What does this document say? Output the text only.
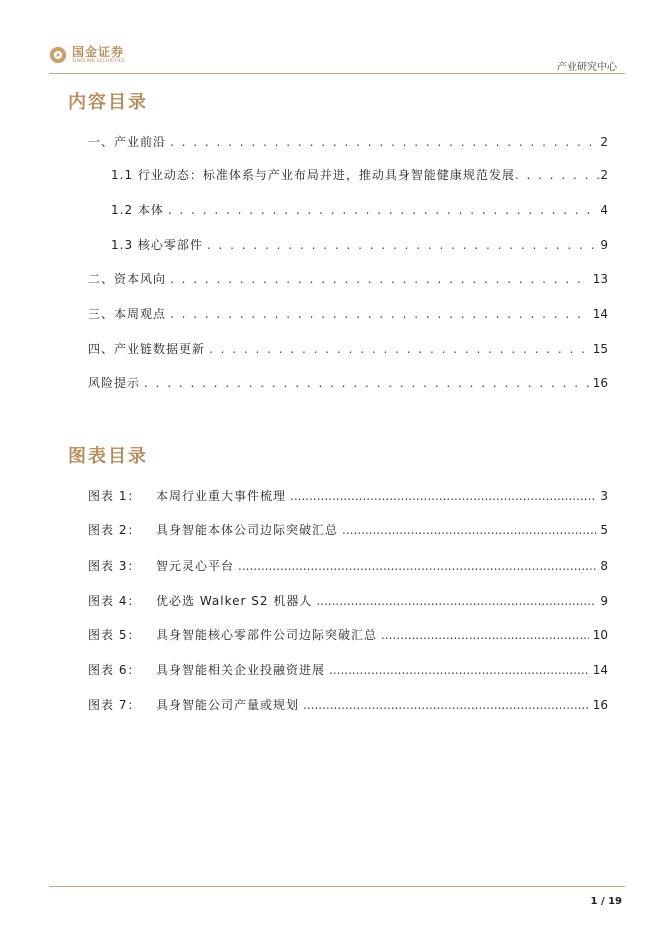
国金证券
SINOLINK SECURITIES
产业研究中心
内容目录
一、产业前沿 . . .	2
1.1 行业动态：标准体系与产业布局并进，推动具身智能健康规范发展 . . .	2
1.2 本体 . . .	4
1.3 核心零部件 . . .	9
二、资本风向 . . .	13
三、本周观点 . . .	14
四、产业链数据更新 . . .	15
风险提示 . . .	16
图表目录
图表 1：	本周行业重大事件梳理 .....	3
图表 2：	具身智能本体公司边际突破汇总 .....	5
图表 3：	智元灵心平台 .....	8
图表 4：	优必选 Walker S2 机器人 .....	9
图表 5：	具身智能核心零部件公司边际突破汇总 .....	10
图表 6：	具身智能相关企业投融资进展 .....	14
图表 7：	具身智能公司产量或规划 .....	16
1 / 19
